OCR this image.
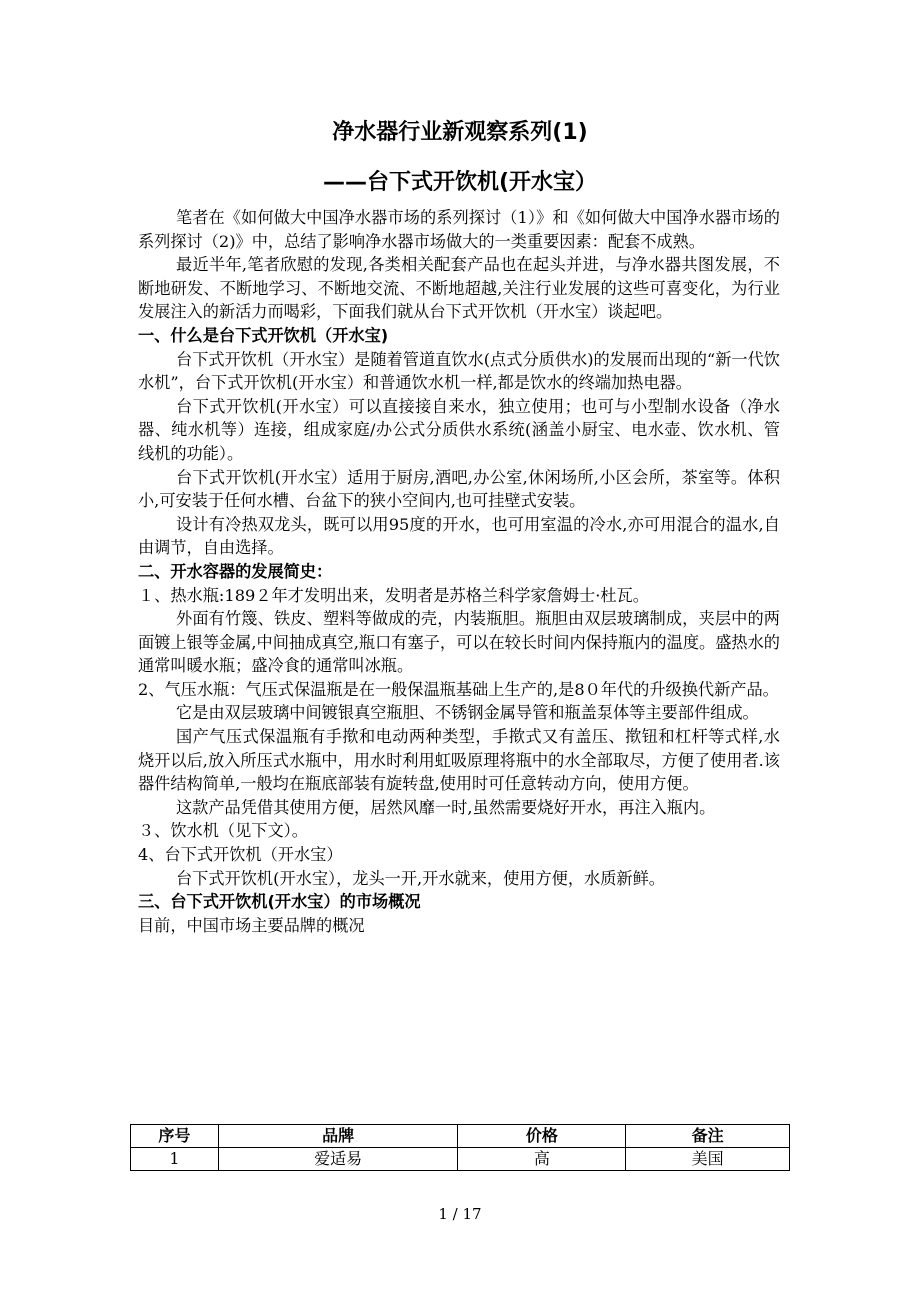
净水器行业新观察系列(1)
——台下式开饮机(开水宝）

笔者在《如何做大中国净水器市场的系列探讨（1）》和《如何做大中国净水器市场的系列探讨（2)》中，总结了影响净水器市场做大的一类重要因素：配套不成熟。

最近半年,笔者欣慰的发现,各类相关配套产品也在起头并进，与净水器共图发展，不断地研发、不断地学习、不断地交流、不断地超越,关注行业发展的这些可喜变化，为行业发展注入的新活力而喝彩，下面我们就从台下式开饮机（开水宝）谈起吧。

一、什么是台下式开饮机（开水宝)

台下式开饮机（开水宝）是随着管道直饮水(点式分质供水)的发展而出现的“新一代饮水机”，台下式开饮机(开水宝）和普通饮水机一样,都是饮水的终端加热电器。

台下式开饮机(开水宝）可以直接接自来水，独立使用；也可与小型制水设备（净水器、纯水机等）连接，组成家庭/办公式分质供水系统(涵盖小厨宝、电水壶、饮水机、管线机的功能）。

台下式开饮机(开水宝）适用于厨房,酒吧,办公室,休闲场所,小区会所，茶室等。体积小,可安装于任何水槽、台盆下的狭小空间内,也可挂壁式安装。

设计有冷热双龙头，既可以用95度的开水，也可用室温的冷水,亦可用混合的温水,自由调节，自由选择。

二、开水容器的发展简史：

１、热水瓶:189２年才发明出来，发明者是苏格兰科学家詹姆士·杜瓦。

外面有竹篾、铁皮、塑料等做成的壳，内装瓶胆。瓶胆由双层玻璃制成，夹层中的两面镀上银等金属,中间抽成真空,瓶口有塞子，可以在较长时间内保持瓶内的温度。盛热水的通常叫暖水瓶；盛冷食的通常叫冰瓶。

2、气压水瓶：气压式保温瓶是在一般保温瓶基础上生产的,是8０年代的升级换代新产品。

它是由双层玻璃中间镀银真空瓶胆、不锈钢金属导管和瓶盖泵体等主要部件组成。

国产气压式保温瓶有手揿和电动两种类型，手揿式又有盖压、揿钮和杠杆等式样,水烧开以后,放入所压式水瓶中，用水时利用虹吸原理将瓶中的水全部取尽，方便了使用者.该器件结构简单,一般均在瓶底部装有旋转盘,使用时可任意转动方向，使用方便。

这款产品凭借其使用方便，居然风靡一时,虽然需要烧好开水，再注入瓶内。

３、饮水机（见下文）。

4、台下式开饮机（开水宝）

台下式开饮机(开水宝），龙头一开,开水就来，使用方便，水质新鲜。

三、台下式开饮机(开水宝）的市场概况

目前，中国市场主要品牌的概况

序号	品牌	价格	备注
1	爱适易	高	美国
1 / 17
